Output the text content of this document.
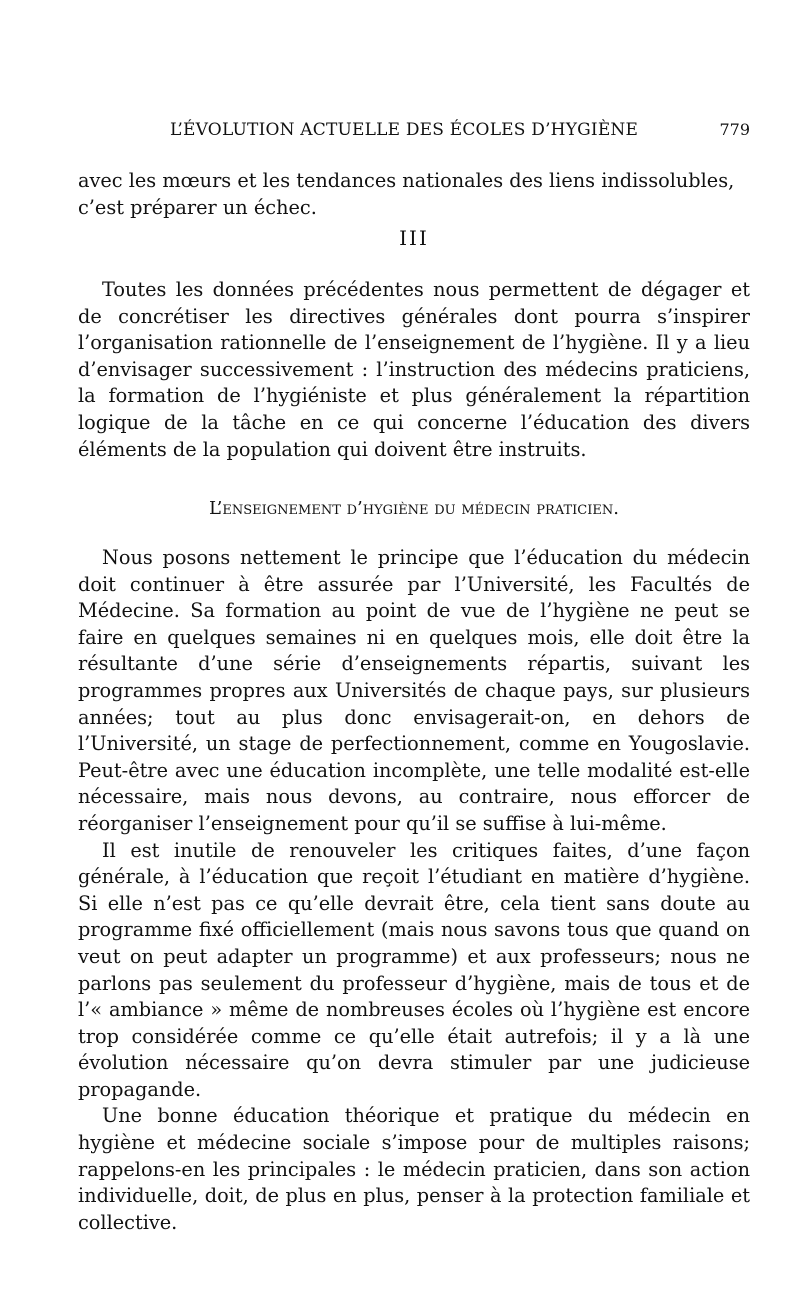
L’ÉVOLUTION ACTUELLE DES ÉCOLES D’HYGIÈNE	779

avec les mœurs et les tendances nationales des liens indissolubles, c’est préparer un échec.

III

Toutes les données précédentes nous permettent de dégager et de concrétiser les directives générales dont pourra s’inspirer l’organisation rationnelle de l’enseignement de l’hygiène. Il y a lieu d’envisager successivement : l’instruction des médecins praticiens, la formation de l’hygiéniste et plus généralement la répartition logique de la tâche en ce qui concerne l’éducation des divers éléments de la population qui doivent être instruits.

L’enseignement d’hygiène du médecin praticien.

Nous posons nettement le principe que l’éducation du médecin doit continuer à être assurée par l’Université, les Facultés de Médecine. Sa formation au point de vue de l’hygiène ne peut se faire en quelques semaines ni en quelques mois, elle doit être la résultante d’une série d’enseignements répartis, suivant les programmes propres aux Universités de chaque pays, sur plusieurs années; tout au plus donc envisagerait-on, en dehors de l’Université, un stage de perfectionnement, comme en Yougoslavie. Peut-être avec une éducation incomplète, une telle modalité est-elle nécessaire, mais nous devons, au contraire, nous efforcer de réorganiser l’enseignement pour qu’il se suffise à lui-même.

Il est inutile de renouveler les critiques faites, d’une façon générale, à l’éducation que reçoit l’étudiant en matière d’hygiène. Si elle n’est pas ce qu’elle devrait être, cela tient sans doute au programme fixé officiellement (mais nous savons tous que quand on veut on peut adapter un programme) et aux professeurs; nous ne parlons pas seulement du professeur d’hygiène, mais de tous et de l’« ambiance » même de nombreuses écoles où l’hygiène est encore trop considérée comme ce qu’elle était autrefois; il y a là une évolution nécessaire qu’on devra stimuler par une judicieuse propagande.

Une bonne éducation théorique et pratique du médecin en hygiène et médecine sociale s’impose pour de multiples raisons; rappelons-en les principales : le médecin praticien, dans son action individuelle, doit, de plus en plus, penser à la protection familiale et collective.
